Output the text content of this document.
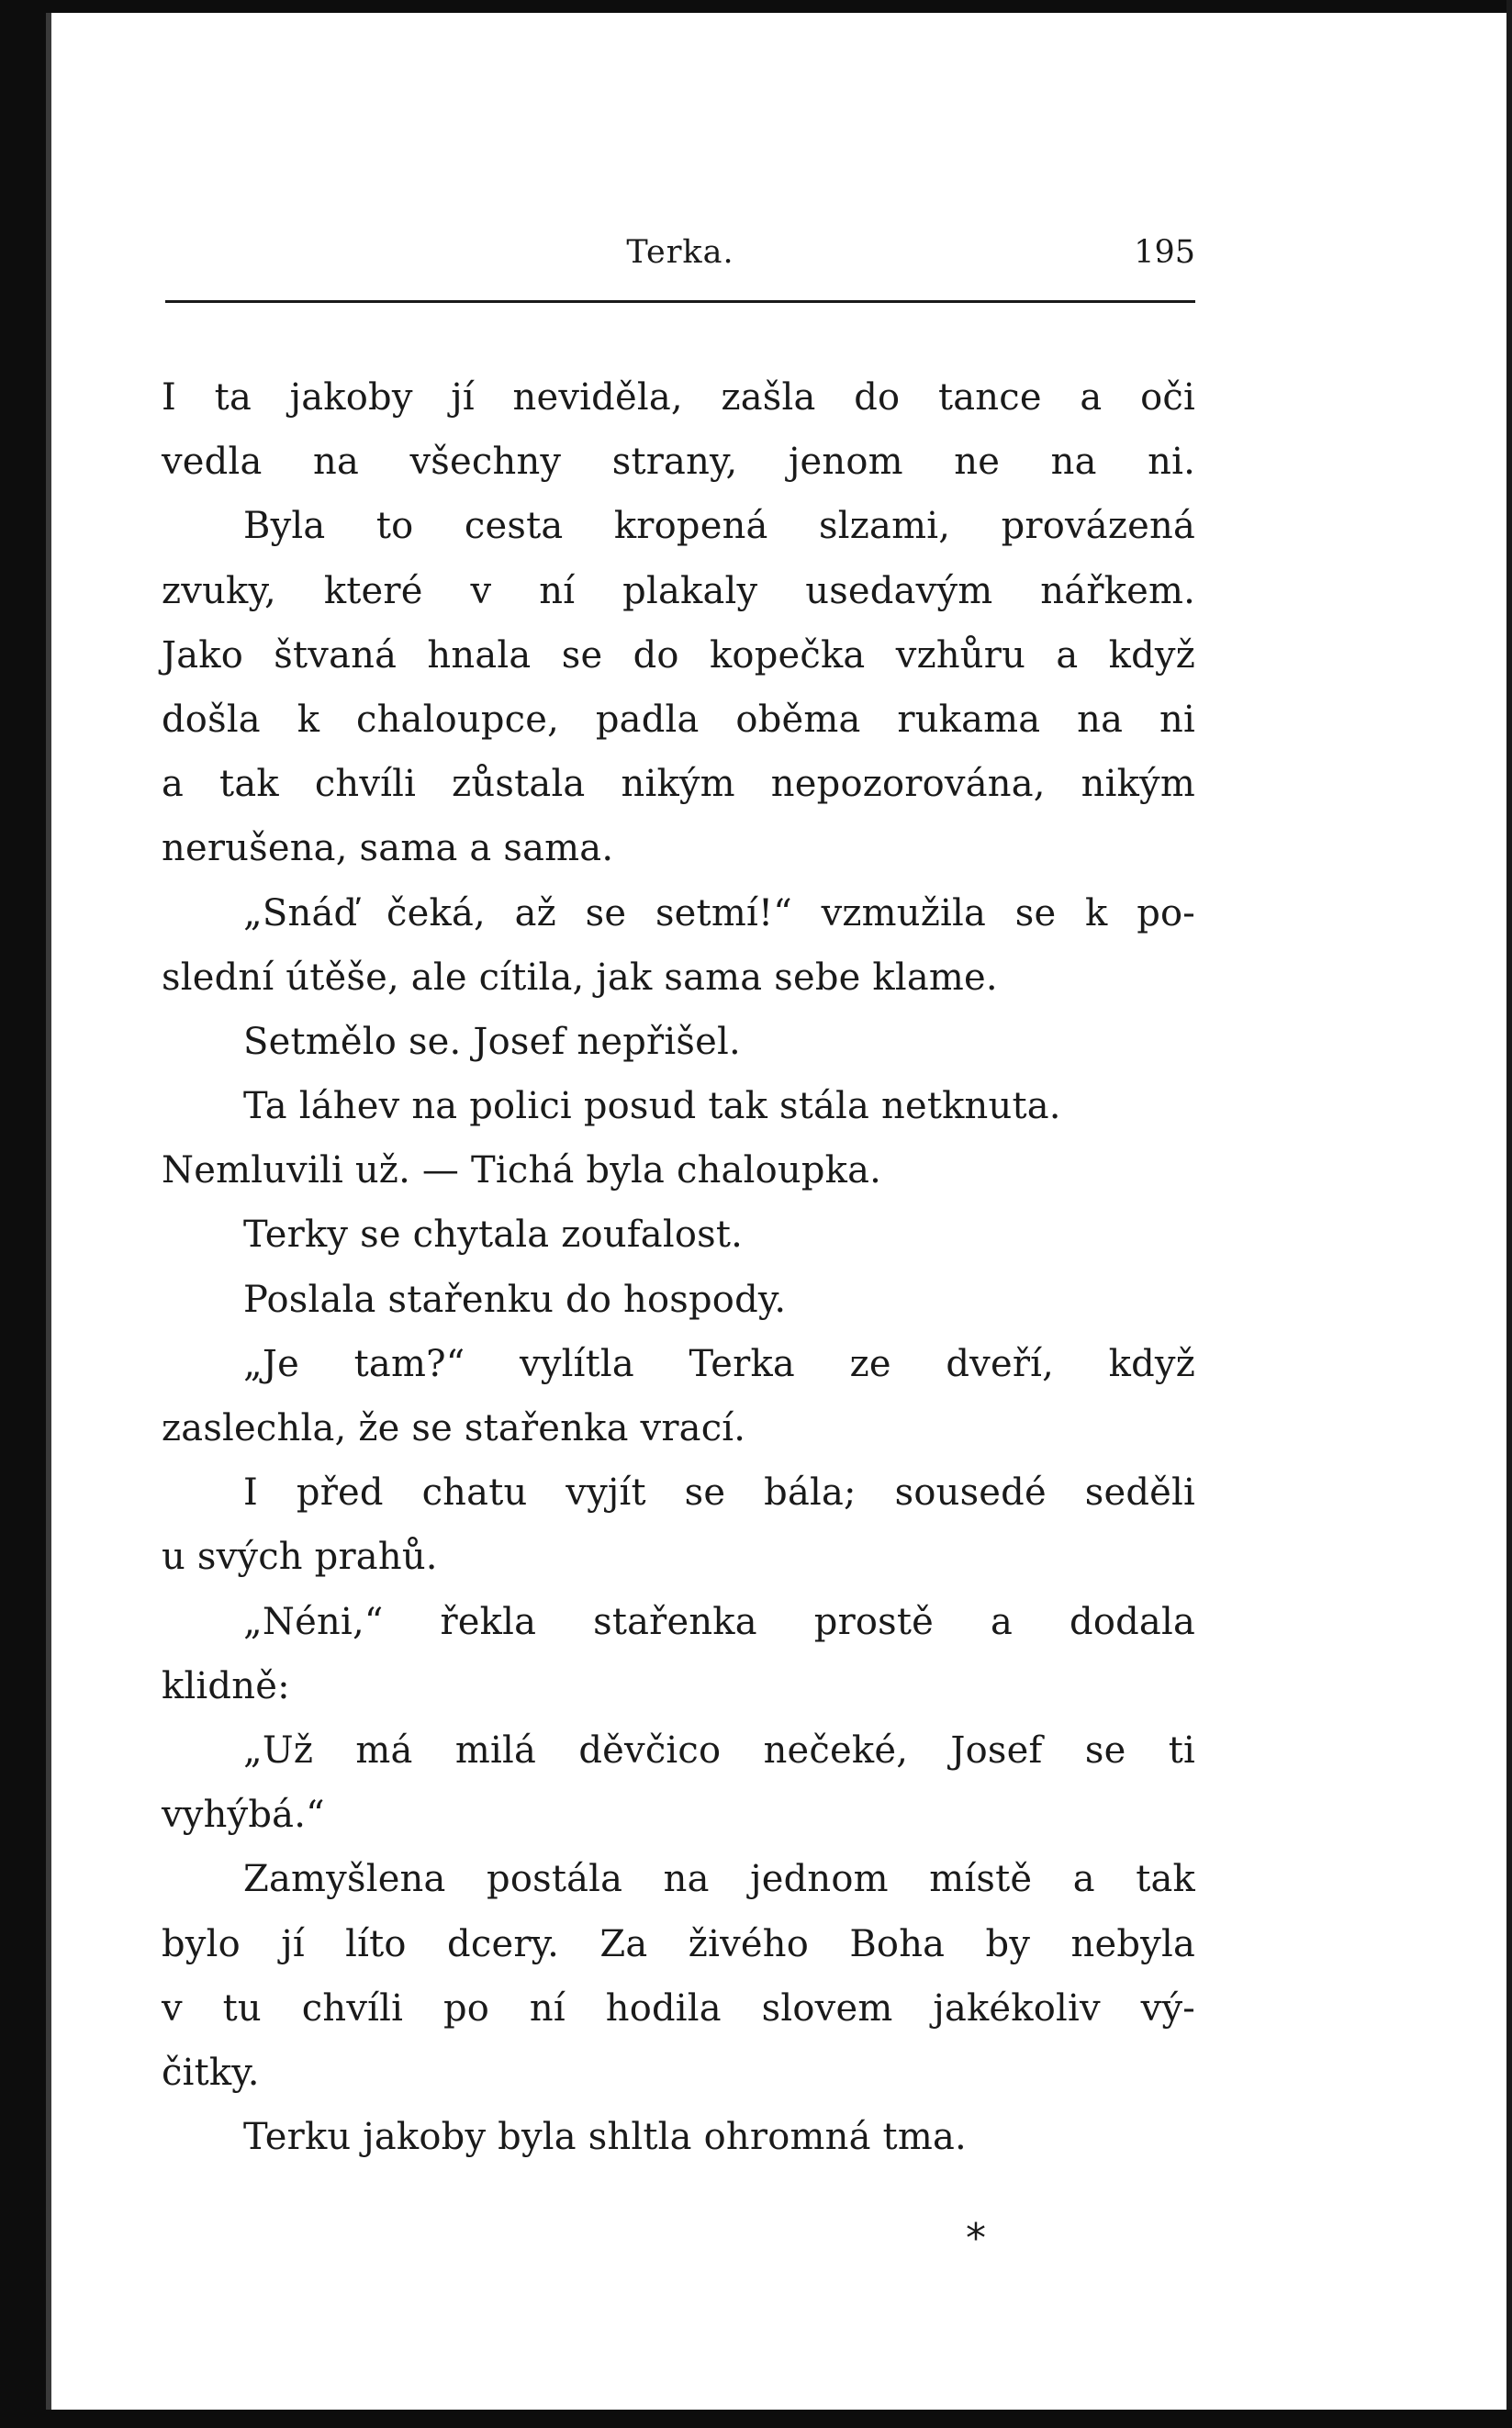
Terka.	195
I ta jakoby jí neviděla, zašla do tance a oči
vedla na všechny strany, jenom ne na ni.
Byla to cesta kropená slzami, provázená
zvuky, které v ní plakaly usedavým nářkem.
Jako štvaná hnala se do kopečka vzhůru a když
došla k chaloupce, padla oběma rukama na ni
a tak chvíli zůstala nikým nepozorována, nikým
nerušena, sama a sama.
„Snáď čeká, až se setmí!“ vzmužila se k po-
slední útěše, ale cítila, jak sama sebe klame.
Setmělo se. Josef nepřišel.
Ta láhev na polici posud tak stála netknuta.
Nemluvili už. — Tichá byla chaloupka.
Terky se chytala zoufalost.
Poslala stařenku do hospody.
„Je tam?“ vylítla Terka ze dveří, když
zaslechla, že se stařenka vrací.
I před chatu vyjít se bála; sousedé seděli
u svých prahů.
„Néni,“ řekla stařenka prostě a dodala
klidně:
„Už má milá děvčico nečeké, Josef se ti
vyhýbá.“
Zamyšlena postála na jednom místě a tak
bylo jí líto dcery. Za živého Boha by nebyla
v tu chvíli po ní hodila slovem jakékoliv vý-
čitky.
Terku jakoby byla shltla ohromná tma.
*
